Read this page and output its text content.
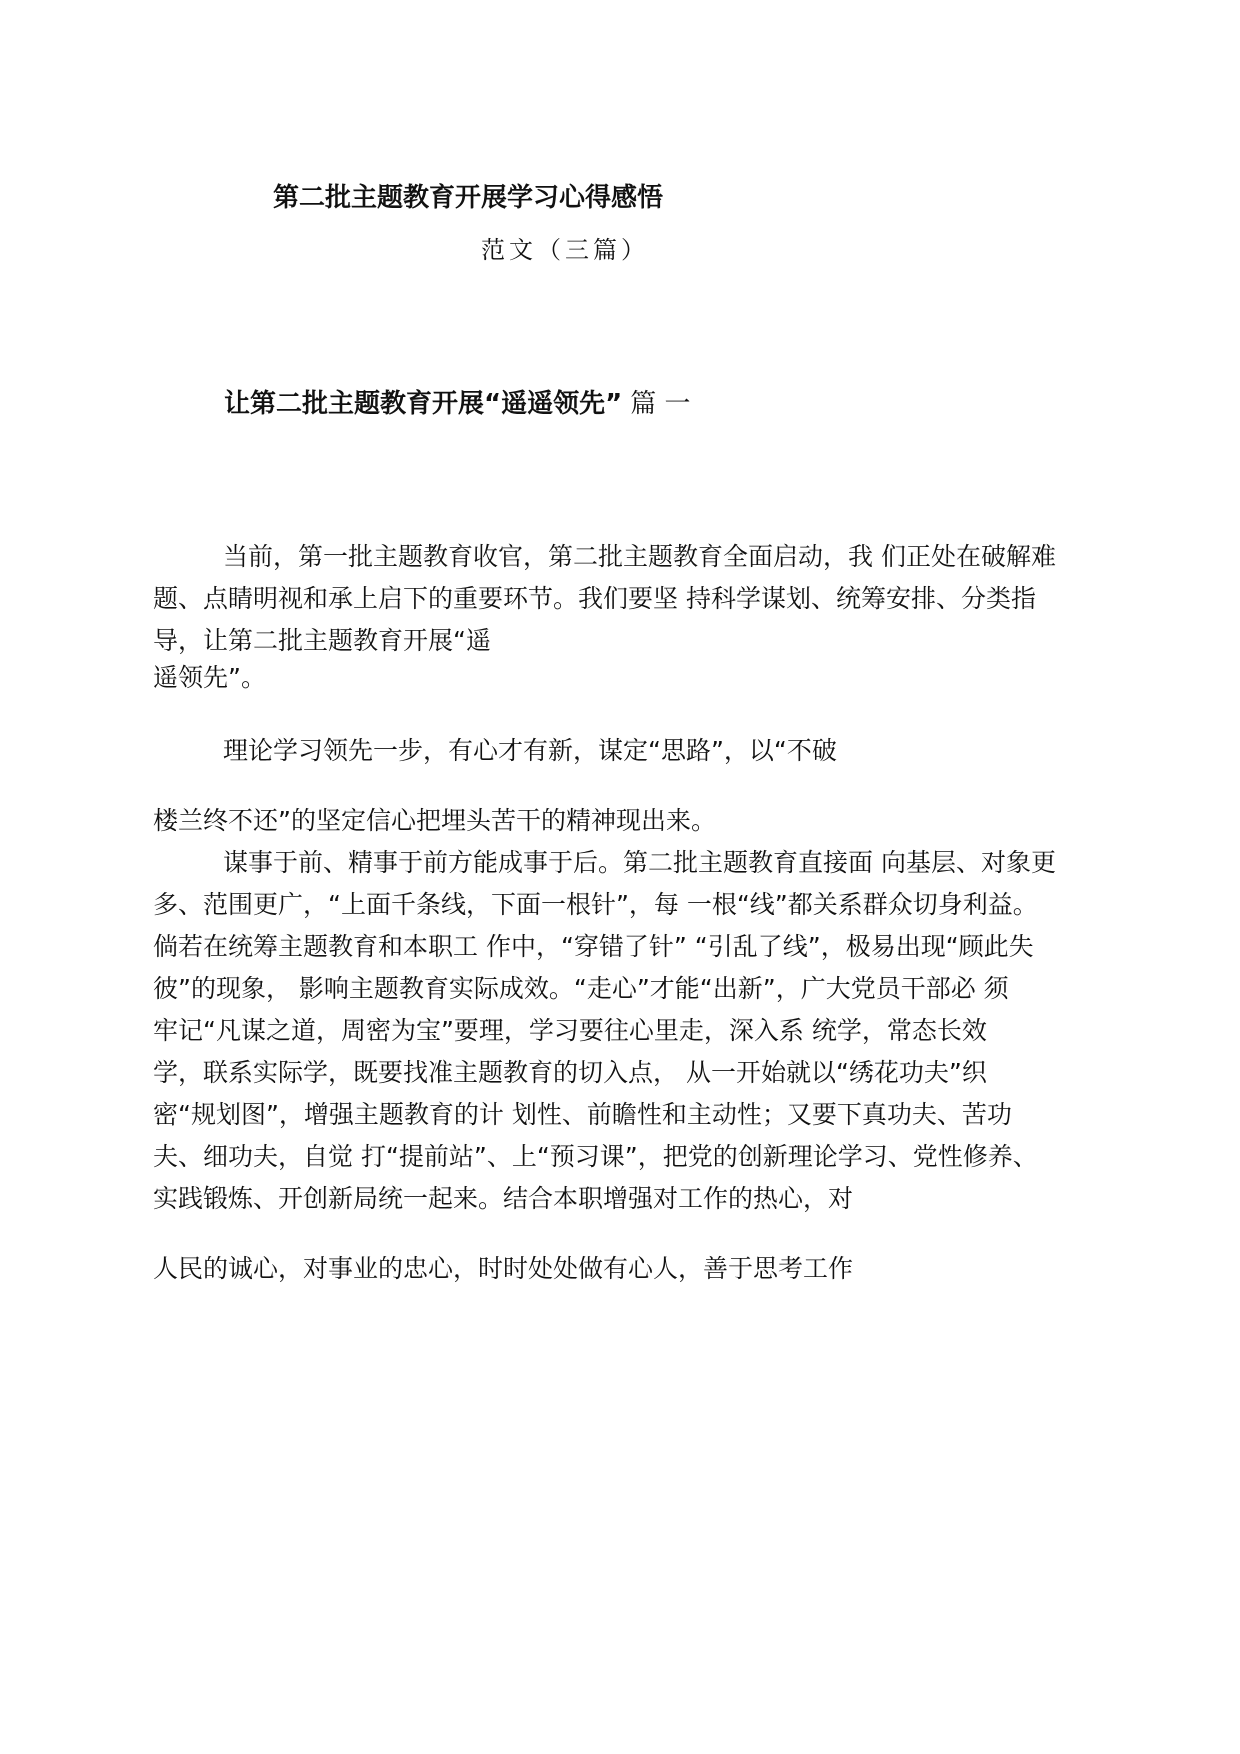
第二批主题教育开展学习心得感悟
范文（三篇）
让第二批主题教育开展“遥遥领先” 篇 一
当前，第一批主题教育收官，第二批主题教育全面启动，我 们正处在破解难
题、点睛明视和承上启下的重要环节。我们要坚 持科学谋划、统筹安排、分类指
导，让第二批主题教育开展“遥
遥领先”。
理论学习领先一步，有心才有新，谋定“思路”，以“不破
楼兰终不还”的坚定信心把埋头苦干的精神现出来。
谋事于前、精事于前方能成事于后。第二批主题教育直接面 向基层、对象更
多、范围更广，“上面千条线，下面一根针”，每 一根“线”都关系群众切身利益。
倘若在统筹主题教育和本职工 作中，“穿错了针” “引乱了线”，极易出现“顾此失
彼”的现象， 影响主题教育实际成效。“走心”才能“出新”，广大党员干部必 须
牢记“凡谋之道，周密为宝”要理，学习要往心里走，深入系 统学，常态长效
学，联系实际学，既要找准主题教育的切入点， 从一开始就以“绣花功夫”织
密“规划图”，增强主题教育的计 划性、前瞻性和主动性；又要下真功夫、苦功
夫、细功夫，自觉 打“提前站”、上“预习课”，把党的创新理论学习、党性修养、
实践锻炼、开创新局统一起来。结合本职增强对工作的热心，对
人民的诚心，对事业的忠心，时时处处做有心人，善于思考工作
